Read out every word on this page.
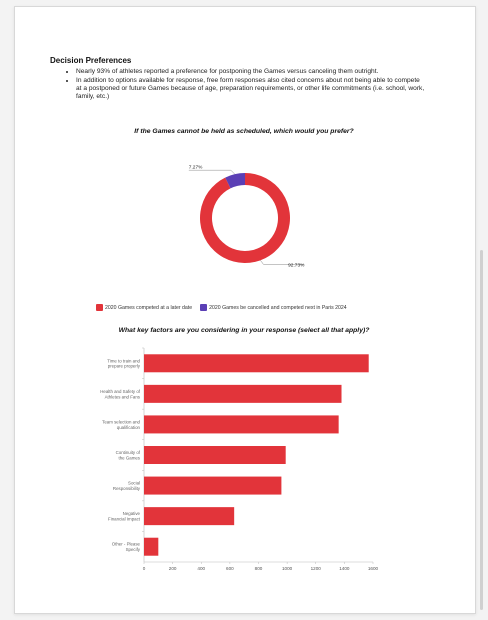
Decision Preferences
• Nearly 93% of athletes reported a preference for postponing the Games versus canceling them outright.
• In addition to options available for response, free form responses also cited concerns about not being able to compete at a postponed or future Games because of age, preparation requirements, or other life commitments (i.e. school, work, family, etc.)
If the Games cannot be held as scheduled, which would you prefer?
2020 Games competed at a later date	2020 Games be cancelled and competed next in Paris 2024
What key factors are you considering in your response (select all that apply)?
7.27%
92.73%
Time to train and prepare properly
Health and Safety of Athletes and Fans
Team selection and qualification
Continuity of the Games
Social Responsibility
Negative Financial Impact
Other - Please Specify
0	200	400	600	800	1000	1200	1400	1600
